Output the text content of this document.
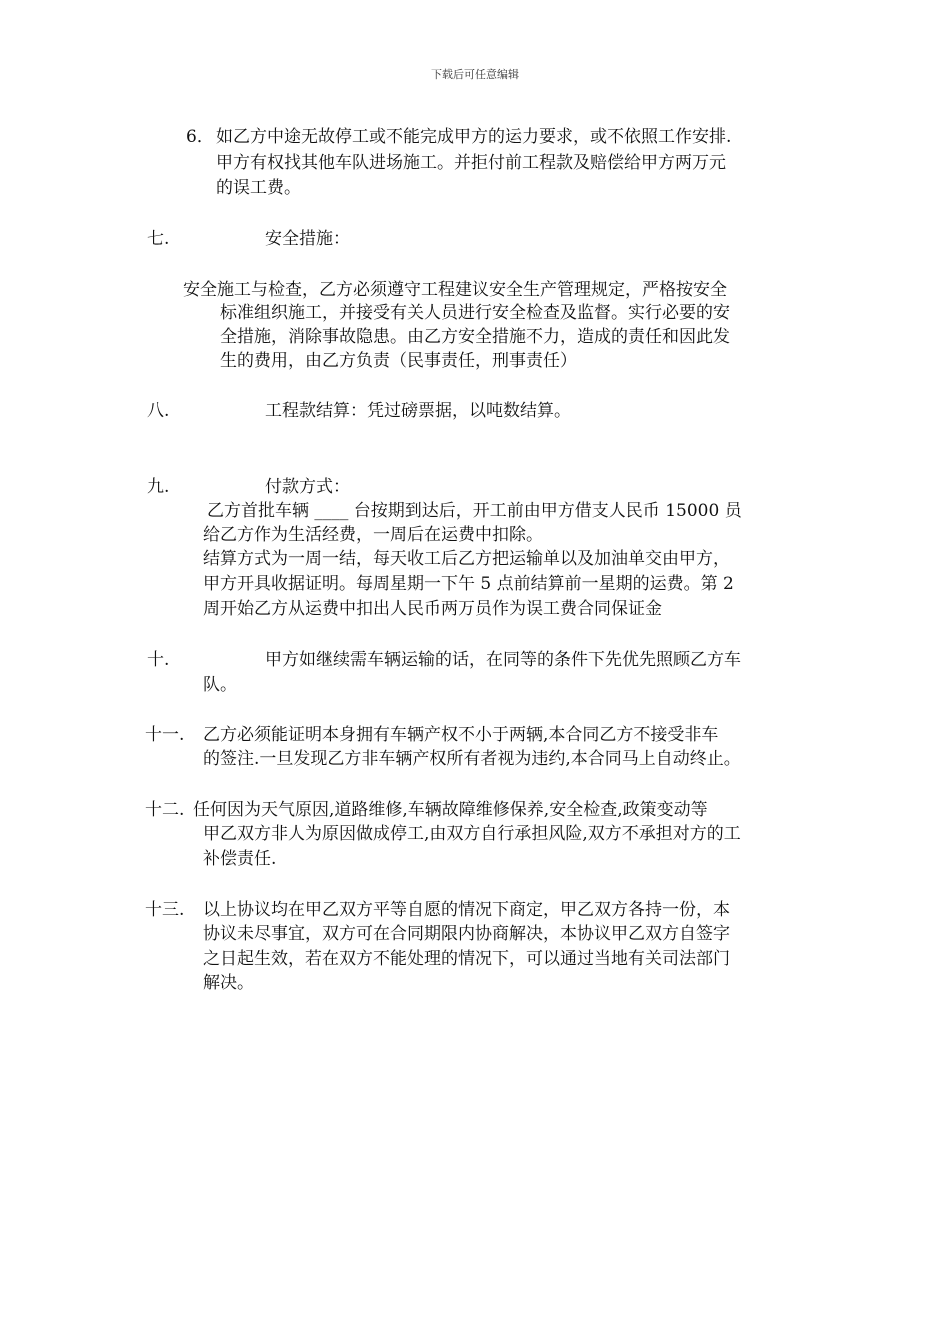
下载后可任意编辑
6． 如乙方中途无故停工或不能完成甲方的运力要求，或不依照工作安排.
甲方有权找其他车队进场施工。并拒付前工程款及赔偿给甲方两万元
的误工费。
七.	安全措施：
安全施工与检查，乙方必须遵守工程建议安全生产管理规定，严格按安全
标准组织施工，并接受有关人员进行安全检查及监督。实行必要的安
全措施，消除事故隐患。由乙方安全措施不力，造成的责任和因此发
生的费用，由乙方负责（民事责任，刑事责任）
八.	工程款结算：凭过磅票据，以吨数结算。
九.	付款方式：
乙方首批车辆 ____ 台按期到达后，开工前由甲方借支人民币 15000 员
给乙方作为生活经费，一周后在运费中扣除。
结算方式为一周一结，每天收工后乙方把运输单以及加油单交由甲方，
甲方开具收据证明。每周星期一下午 5 点前结算前一星期的运费。第 2
周开始乙方从运费中扣出人民币两万员作为误工费合同保证金
十.	甲方如继续需车辆运输的话，在同等的条件下先优先照顾乙方车
队。
十一. 乙方必须能证明本身拥有车辆产权不小于两辆,本合同乙方不接受非车
的签注.一旦发现乙方非车辆产权所有者视为违约,本合同马上自动终止。
十二. 任何因为天气原因,道路维修,车辆故障维修保养,安全检查,政策变动等
甲乙双方非人为原因做成停工,由双方自行承担风险,双方不承担对方的工
补偿责任.
十三. 以上协议均在甲乙双方平等自愿的情况下商定，甲乙双方各持一份，本
协议未尽事宜，双方可在合同期限内协商解决，本协议甲乙双方自签字
之日起生效，若在双方不能处理的情况下，可以通过当地有关司法部门
解决。
